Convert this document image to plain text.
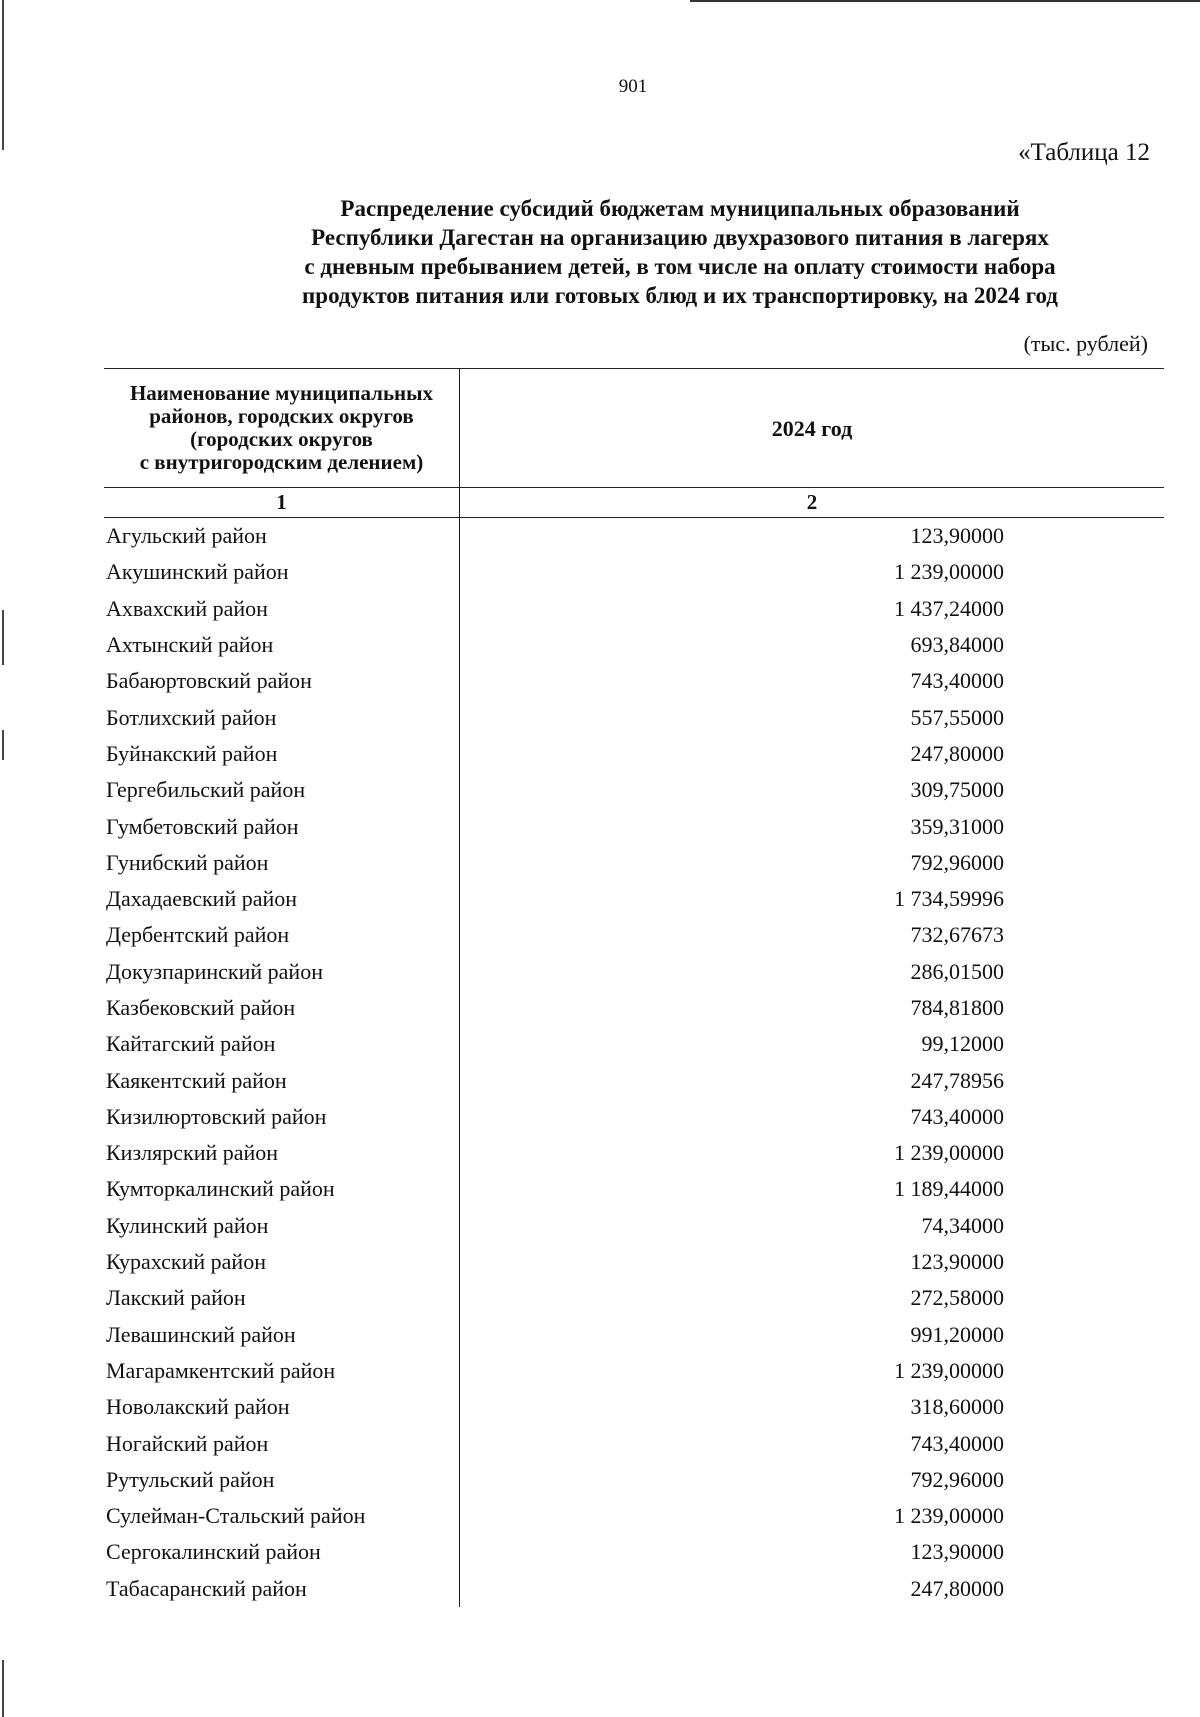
901
«Таблица 12
Распределение субсидий бюджетам муниципальных образований
Республики Дагестан на организацию двухразового питания в лагерях
с дневным пребыванием детей, в том числе на оплату стоимости набора
продуктов питания или готовых блюд и их транспортировку, на 2024 год
(тыс. рублей)
Наименование муниципальных
районов, городских округов
(городских округов
с внутригородским делением)	2024 год
1	2
Агульский район	123,90000
Акушинский район	1 239,00000
Ахвахский район	1 437,24000
Ахтынский район	693,84000
Бабаюртовский район	743,40000
Ботлихский район	557,55000
Буйнакский район	247,80000
Гергебильский район	309,75000
Гумбетовский район	359,31000
Гунибский район	792,96000
Дахадаевский район	1 734,59996
Дербентский район	732,67673
Докузпаринский район	286,01500
Казбековский район	784,81800
Кайтагский район	99,12000
Каякентский район	247,78956
Кизилюртовский район	743,40000
Кизлярский район	1 239,00000
Кумторкалинский район	1 189,44000
Кулинский район	74,34000
Курахский район	123,90000
Лакский район	272,58000
Левашинский район	991,20000
Магарамкентский район	1 239,00000
Новолакский район	318,60000
Ногайский район	743,40000
Рутульский район	792,96000
Сулейман-Стальский район	1 239,00000
Сергокалинский район	123,90000
Табасаранский район	247,80000
